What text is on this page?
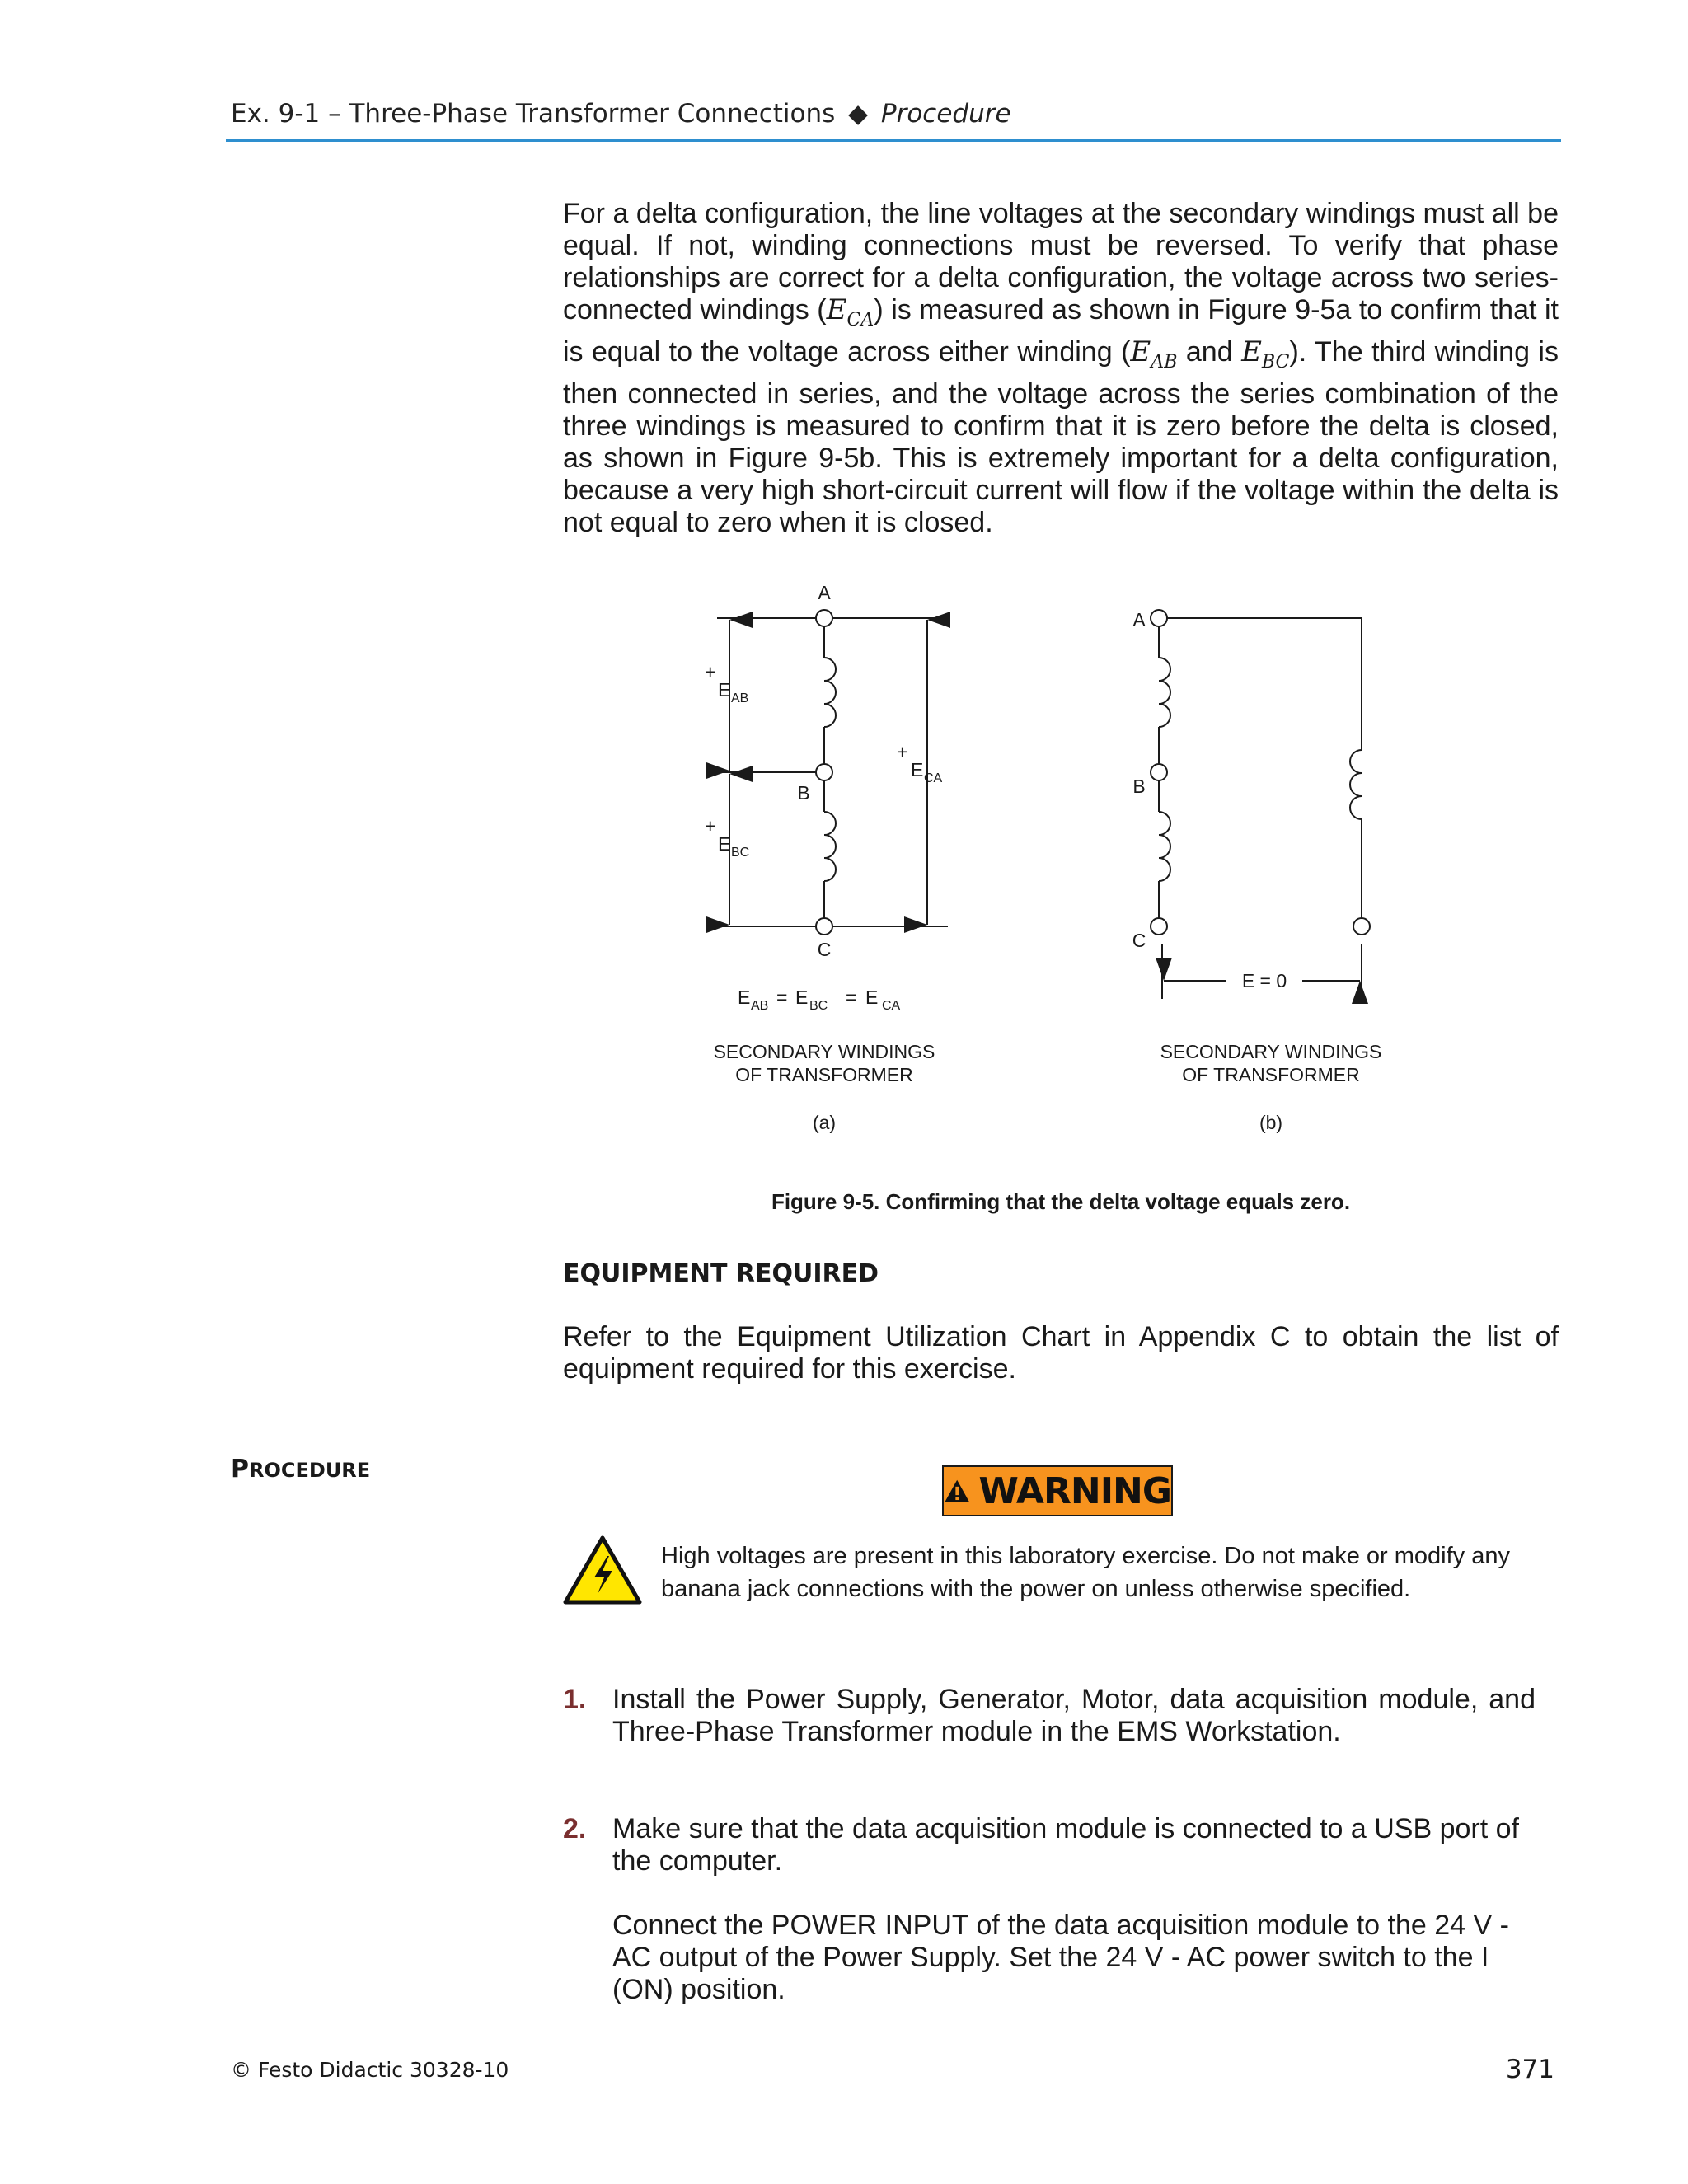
Ex. 9-1 – Three-Phase Transformer Connections ◆ Procedure

For a delta configuration, the line voltages at the secondary windings must all be equal. If not, winding connections must be reversed. To verify that phase relationships are correct for a delta configuration, the voltage across two series-connected windings $(E_{CA})$ is measured as shown in Figure 9-5a to confirm that it is equal to the voltage across either winding ($E_{AB}$ and $E_{BC}$). The third winding is then connected in series, and the voltage across the series combination of the three windings is measured to confirm that it is zero before the delta is closed, as shown in Figure 9-5b. This is extremely important for a delta configuration, because a very high short-circuit current will flow if the voltage within the delta is not equal to zero when it is closed.

A
B
C
+
E AB
+
E BC
+
E CA
E AB = E BC = E CA
SECONDARY WINDINGS
OF TRANSFORMER
(a)
A
B
C
E = 0
SECONDARY WINDINGS
OF TRANSFORMER
(b)
Figure 9-5. Confirming that the delta voltage equals zero.
EQUIPMENT REQUIRED

Refer to the Equipment Utilization Chart in Appendix C to obtain the list of equipment required for this exercise.

PROCEDURE	WARNING

High voltages are present in this laboratory exercise. Do not make or modify any banana jack connections with the power on unless otherwise specified.

1. Install the Power Supply, Generator, Motor, data acquisition module, and Three-Phase Transformer module in the EMS Workstation.

2. Make sure that the data acquisition module is connected to a USB port of the computer.

Connect the POWER INPUT of the data acquisition module to the 24 V - AC output of the Power Supply. Set the 24 V - AC power switch to the I (ON) position.

© Festo Didactic 30328-10	371
